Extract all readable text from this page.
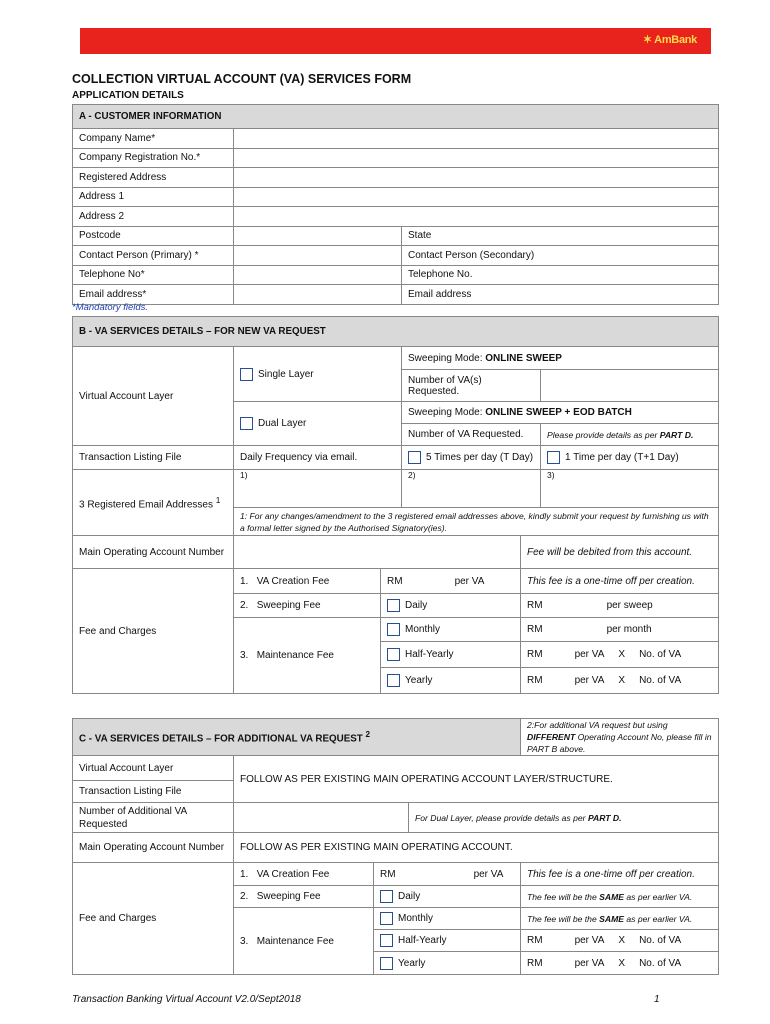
✶ AmBank
COLLECTION VIRTUAL ACCOUNT (VA) SERVICES FORM
APPLICATION DETAILS
A - CUSTOMER INFORMATION		
Company Name*		
Company Registration No.*		
Registered Address		
Address 1		
Address 2		
Postcode		State
Contact Person (Primary) *		Contact Person (Secondary)
Telephone No*		Telephone No.
Email address*		Email address
*Mandatory fields.
B - VA SERVICES DETAILS – FOR NEW VA REQUEST					
Virtual Account Layer	Single Layer		Sweeping Mode: ONLINE SWEEP		
			Number of VA(s) Requested.		
	Dual Layer		Sweeping Mode: ONLINE SWEEP + EOD BATCH		
			Number of VA Requested.		Please provide details as per PART D.
Transaction Listing File	Daily Frequency via email.		5 Times per day (T Day)		1 Time per day (T+1 Day)
3 Registered Email Addresses $^1$	1)		2)		3)
	1: For any changes/amendment to the 3 registered email addresses above, kindly submit your request by furnishing us with a formal letter signed by the Authorised Signatory(ies).				
Main Operating Account Number				Fee will be debited from this account.	
Fee and Charges	1. VA Creation Fee	RM per VA		This fee is a one-time off per creation.	
	2. Sweeping Fee	Daily		RM per sweep	
	3. Maintenance Fee	Monthly		RM per month	
		Half-Yearly		RM per VA X No. of VA	
		Yearly		RM per VA X No. of VA	
C - VA SERVICES DETAILS – FOR ADDITIONAL VA REQUEST $^2$				2:For additional VA request but using DIFFERENT Operating Account No, please fill in PART B above.
Virtual Account Layer	FOLLOW AS PER EXISTING MAIN OPERATING ACCOUNT LAYER/STRUCTURE.			
Transaction Listing File				
Number of Additional VA Requested			For Dual Layer, please provide details as per PART D.	
Main Operating Account Number	FOLLOW AS PER EXISTING MAIN OPERATING ACCOUNT.			
Fee and Charges	1. VA Creation Fee	RM per VA		This fee is a one-time off per creation.
	2. Sweeping Fee	Daily		The fee will be the SAME as per earlier VA.
	3. Maintenance Fee	Monthly		The fee will be the SAME as per earlier VA.
		Half-Yearly		RM per VA X No. of VA
		Yearly		RM per VA X No. of VA
Transaction Banking Virtual Account V2.0/Sept2018	1
